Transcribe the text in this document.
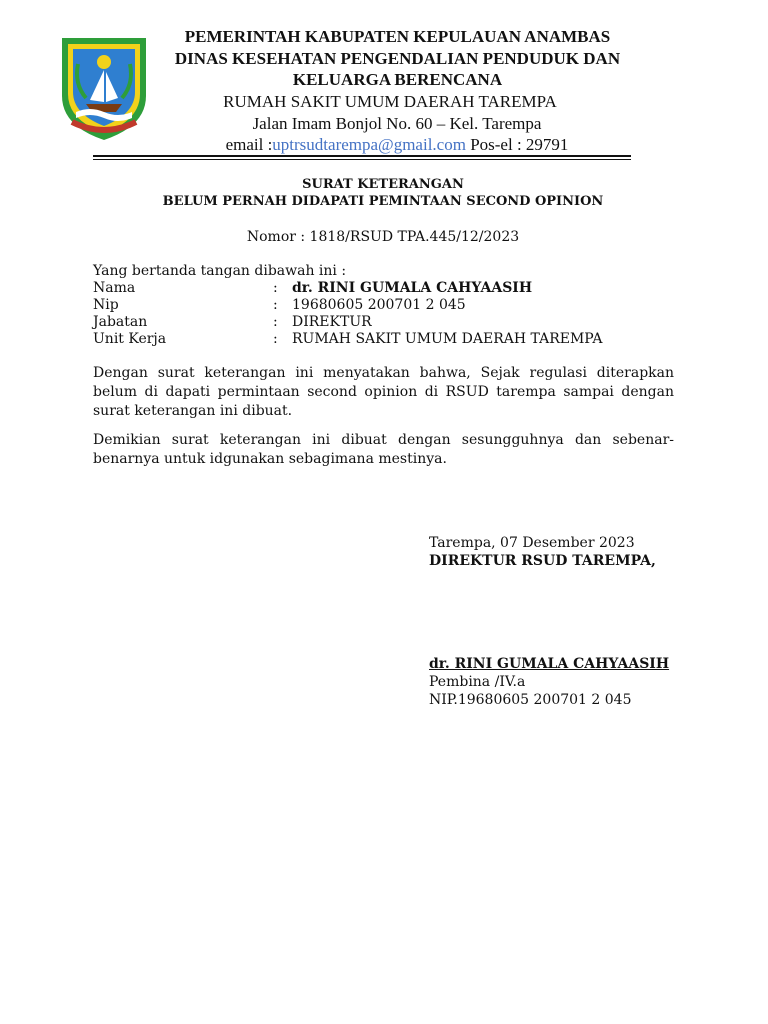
PEMERINTAH KABUPATEN KEPULAUAN ANAMBAS
DINAS KESEHATAN PENGENDALIAN PENDUDUK DAN
KELUARGA BERENCANA
RUMAH SAKIT UMUM DAERAH TAREMPA
Jalan Imam Bonjol No. 60 – Kel. Tarempa
email :uptrsudtarempa@gmail.com Pos-el : 29791
SURAT KETERANGAN
BELUM PERNAH DIDAPATI PEMINTAAN SECOND OPINION
Nomor : 1818/RSUD TPA.445/12/2023
Yang bertanda tangan dibawah ini :
Nama	:	dr. RINI GUMALA CAHYAASIH
Nip	:	19680605 200701 2 045
Jabatan	:	DIREKTUR
Unit Kerja	:	RUMAH SAKIT UMUM DAERAH TAREMPA
Dengan surat keterangan ini menyatakan bahwa, Sejak regulasi diterapkan belum di dapati permintaan second opinion di RSUD tarempa sampai dengan surat keterangan ini dibuat.
Demikian surat keterangan ini dibuat dengan sesungguhnya dan sebenar-benarnya untuk idgunakan sebagimana mestinya.
Tarempa, 07 Desember 2023
DIREKTUR RSUD TAREMPA,
dr. RINI GUMALA CAHYAASIH
Pembina /IV.a
NIP.19680605 200701 2 045
